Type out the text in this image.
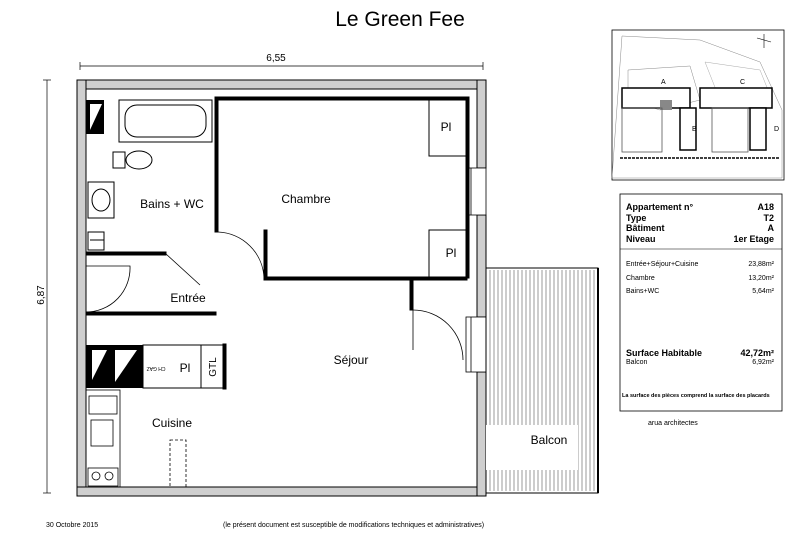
Le Green Fee
6,55
6,87
Pl
Pl
Pl GTL
CH GAZ
Bains + WC	Chambre
Entrée
Séjour
Cuisine
Balcon
A
B
C
D
Appartement n°	A18
Type	T2
Bâtiment	A
Niveau	1er Etage
Entrée+Séjour+Cuisine	23,88m²
Chambre	13,20m²
Bains+WC	5,64m²
Surface Habitable	42,72m²
Balcon	6,92m²
La surface des pièces comprend la surface des placards
arua architectes
30 Octobre 2015	(le présent document est susceptible de modifications techniques et administratives)
